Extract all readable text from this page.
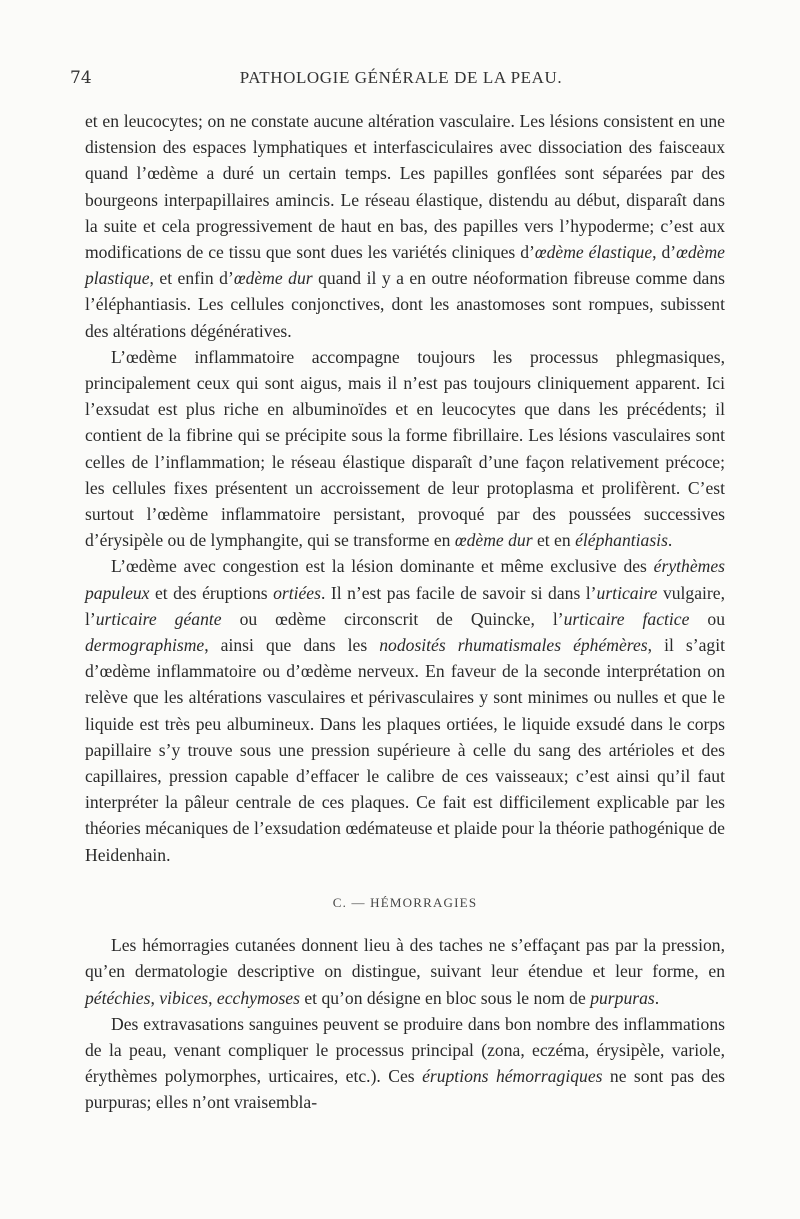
74	PATHOLOGIE GÉNÉRALE DE LA PEAU.

et en leucocytes; on ne constate aucune altération vasculaire. Les lésions consistent en une distension des espaces lymphatiques et interfasciculaires avec dissociation des faisceaux quand l’œdème a duré un certain temps. Les papilles gonflées sont séparées par des bourgeons interpapillaires amincis. Le réseau élastique, distendu au début, disparaît dans la suite et cela progressivement de haut en bas, des papilles vers l’hypoderme; c’est aux modifications de ce tissu que sont dues les variétés cliniques d’œdème élastique, d’œdème plastique, et enfin d’œdème dur quand il y a en outre néoformation fibreuse comme dans l’éléphantiasis. Les cellules conjonctives, dont les anastomoses sont rompues, subissent des altérations dégénératives.

L’œdème inflammatoire accompagne toujours les processus phlegmasiques, principalement ceux qui sont aigus, mais il n’est pas toujours cliniquement apparent. Ici l’exsudat est plus riche en albuminoïdes et en leucocytes que dans les précédents; il contient de la fibrine qui se précipite sous la forme fibrillaire. Les lésions vasculaires sont celles de l’inflammation; le réseau élastique disparaît d’une façon relativement précoce; les cellules fixes présentent un accroissement de leur protoplasma et prolifèrent. C’est surtout l’œdème inflammatoire persistant, provoqué par des poussées successives d’érysipèle ou de lymphangite, qui se transforme en œdème dur et en éléphantiasis.

L’œdème avec congestion est la lésion dominante et même exclusive des érythèmes papuleux et des éruptions ortiées. Il n’est pas facile de savoir si dans l’urticaire vulgaire, l’urticaire géante ou œdème circonscrit de Quincke, l’urticaire factice ou dermographisme, ainsi que dans les nodosités rhumatismales éphémères, il s’agit d’œdème inflammatoire ou d’œdème nerveux. En faveur de la seconde interprétation on relève que les altérations vasculaires et périvasculaires y sont minimes ou nulles et que le liquide est très peu albumineux. Dans les plaques ortiées, le liquide exsudé dans le corps papillaire s’y trouve sous une pression supérieure à celle du sang des artérioles et des capillaires, pression capable d’effacer le calibre de ces vaisseaux; c’est ainsi qu’il faut interpréter la pâleur centrale de ces plaques. Ce fait est difficilement explicable par les théories mécaniques de l’exsudation œdémateuse et plaide pour la théorie pathogénique de Heidenhain.

C. — HÉMORRAGIES

Les hémorragies cutanées donnent lieu à des taches ne s’effaçant pas par la pression, qu’en dermatologie descriptive on distingue, suivant leur étendue et leur forme, en pétéchies, vibices, ecchymoses et qu’on désigne en bloc sous le nom de purpuras.

Des extravasations sanguines peuvent se produire dans bon nombre des inflammations de la peau, venant compliquer le processus principal (zona, eczéma, érysipèle, variole, érythèmes polymorphes, urticaires, etc.). Ces éruptions hémorragiques ne sont pas des purpuras; elles n’ont vraisembla-
